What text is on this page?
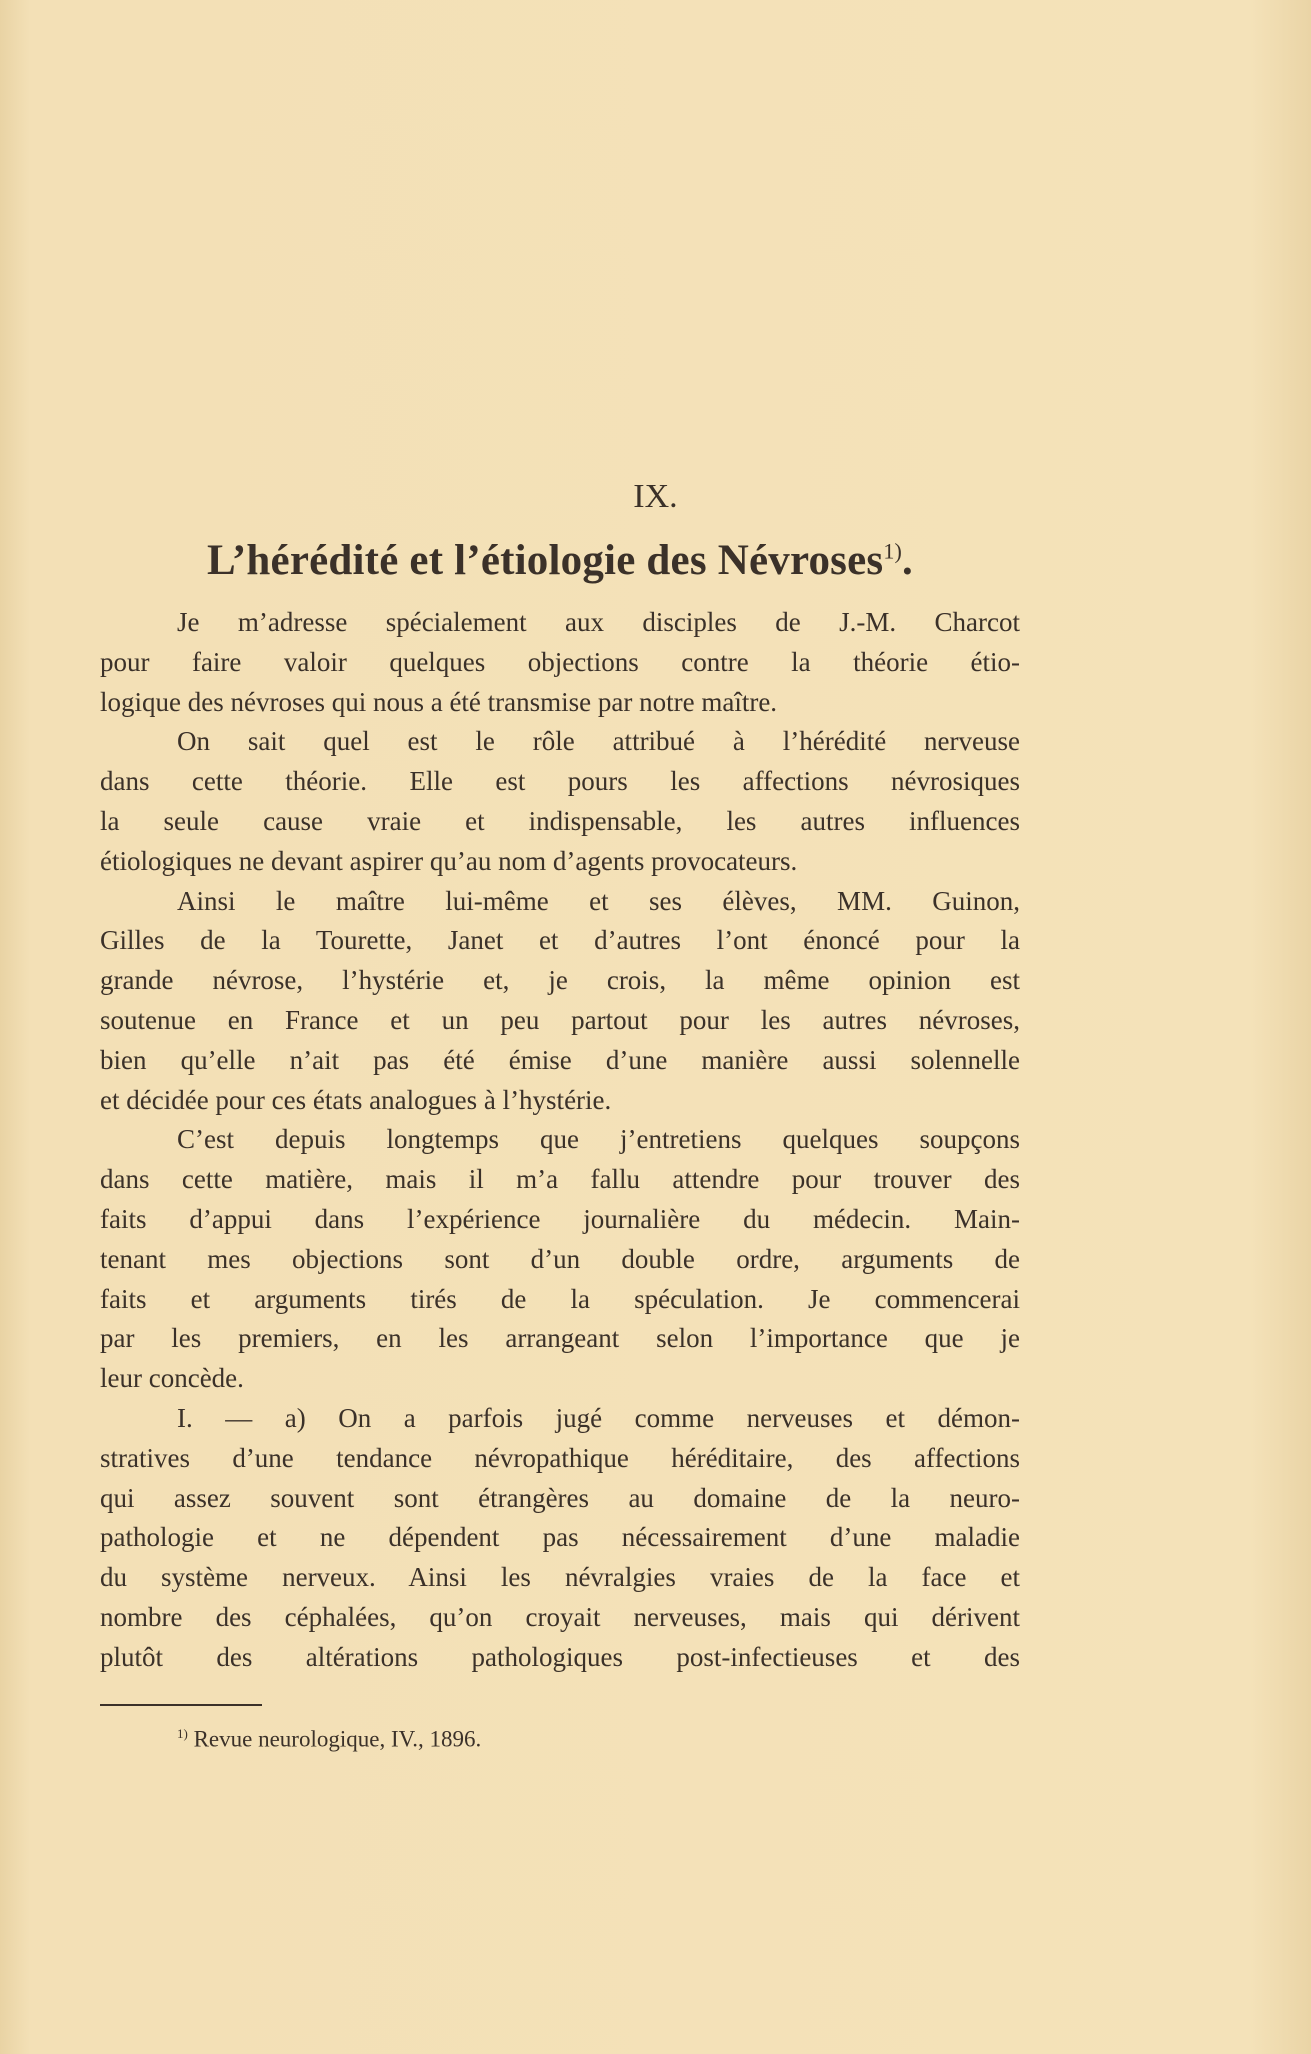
IX.
L’hérédité et l’étiologie des Névroses$^{1)}$.
Je m’adresse spécialement aux disciples de J.-M. Charcot
pour faire valoir quelques objections contre la théorie étio-
logique des névroses qui nous a été transmise par notre maître.
On sait quel est le rôle attribué à l’hérédité nerveuse
dans cette théorie. Elle est pours les affections névrosiques
la seule cause vraie et indispensable, les autres influences
étiologiques ne devant aspirer qu’au nom d’agents provocateurs.
Ainsi le maître lui-même et ses élèves, MM. Guinon,
Gilles de la Tourette, Janet et d’autres l’ont énoncé pour la
grande névrose, l’hystérie et, je crois, la même opinion est
soutenue en France et un peu partout pour les autres névroses,
bien qu’elle n’ait pas été émise d’une manière aussi solennelle
et décidée pour ces états analogues à l’hystérie.
C’est depuis longtemps que j’entretiens quelques soupçons
dans cette matière, mais il m’a fallu attendre pour trouver des
faits d’appui dans l’expérience journalière du médecin. Main-
tenant mes objections sont d’un double ordre, arguments de
faits et arguments tirés de la spéculation. Je commencerai
par les premiers, en les arrangeant selon l’importance que je
leur concède.
I. — a) On a parfois jugé comme nerveuses et démon-
stratives d’une tendance névropathique héréditaire, des affections
qui assez souvent sont étrangères au domaine de la neuro-
pathologie et ne dépendent pas nécessairement d’une maladie
du système nerveux. Ainsi les névralgies vraies de la face et
nombre des céphalées, qu’on croyait nerveuses, mais qui dérivent
plutôt des altérations pathologiques post-infectieuses et des
$^{1)}$ Revue neurologique, IV., 1896.
